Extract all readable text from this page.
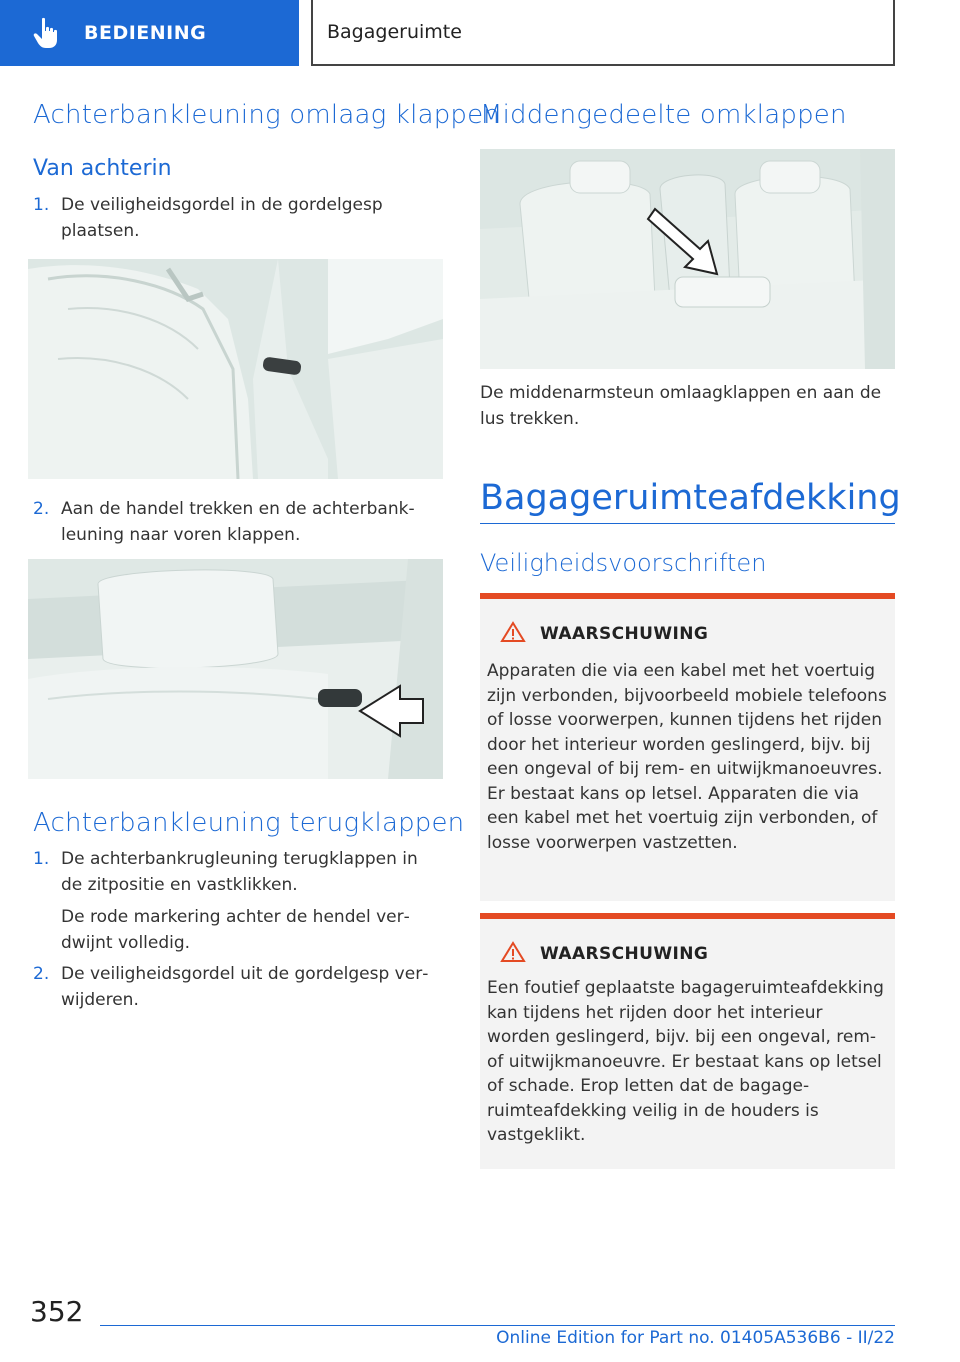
BEDIENING	Bagageruimte
Achterbankleuning omlaag klappen
Van achterin
1. De veiligheidsgordel in de gordelgesp plaatsen.
2. Aan de handel trekken en de achterbankleuning naar voren klappen.
Achterbankleuning terugklappen
1. De achterbankrugleuning terugklappen in de zitpositie en vastklikken.
De rode markering achter de hendel verdwijnt volledig.
2. De veiligheidsgordel uit de gordelgesp verwijderen.
Middengedeelte omklappen
De middenarmsteun omlaagklappen en aan de lus trekken.
Bagageruimteafdekking
Veiligheidsvoorschriften
WAARSCHUWING
Apparaten die via een kabel met het voertuig zijn verbonden, bijvoorbeeld mobiele telefoons of losse voorwerpen, kunnen tijdens het rijden door het interieur worden geslingerd, bijv. bij een ongeval of bij rem- en uitwijkmanoeuvres. Er bestaat kans op letsel. Apparaten die via een kabel met het voertuig zijn verbonden, of losse voorwerpen vastzetten.
WAARSCHUWING
Een foutief geplaatste bagageruimteafdekking kan tijdens het rijden door het interieur worden geslingerd, bijv. bij een ongeval, rem- of uitwijkmanoeuvre. Er bestaat kans op letsel of schade. Erop letten dat de bagageruimteafdekking veilig in de houders is vastgeklikt.
352
Online Edition for Part no. 01405A536B6 - II/22
